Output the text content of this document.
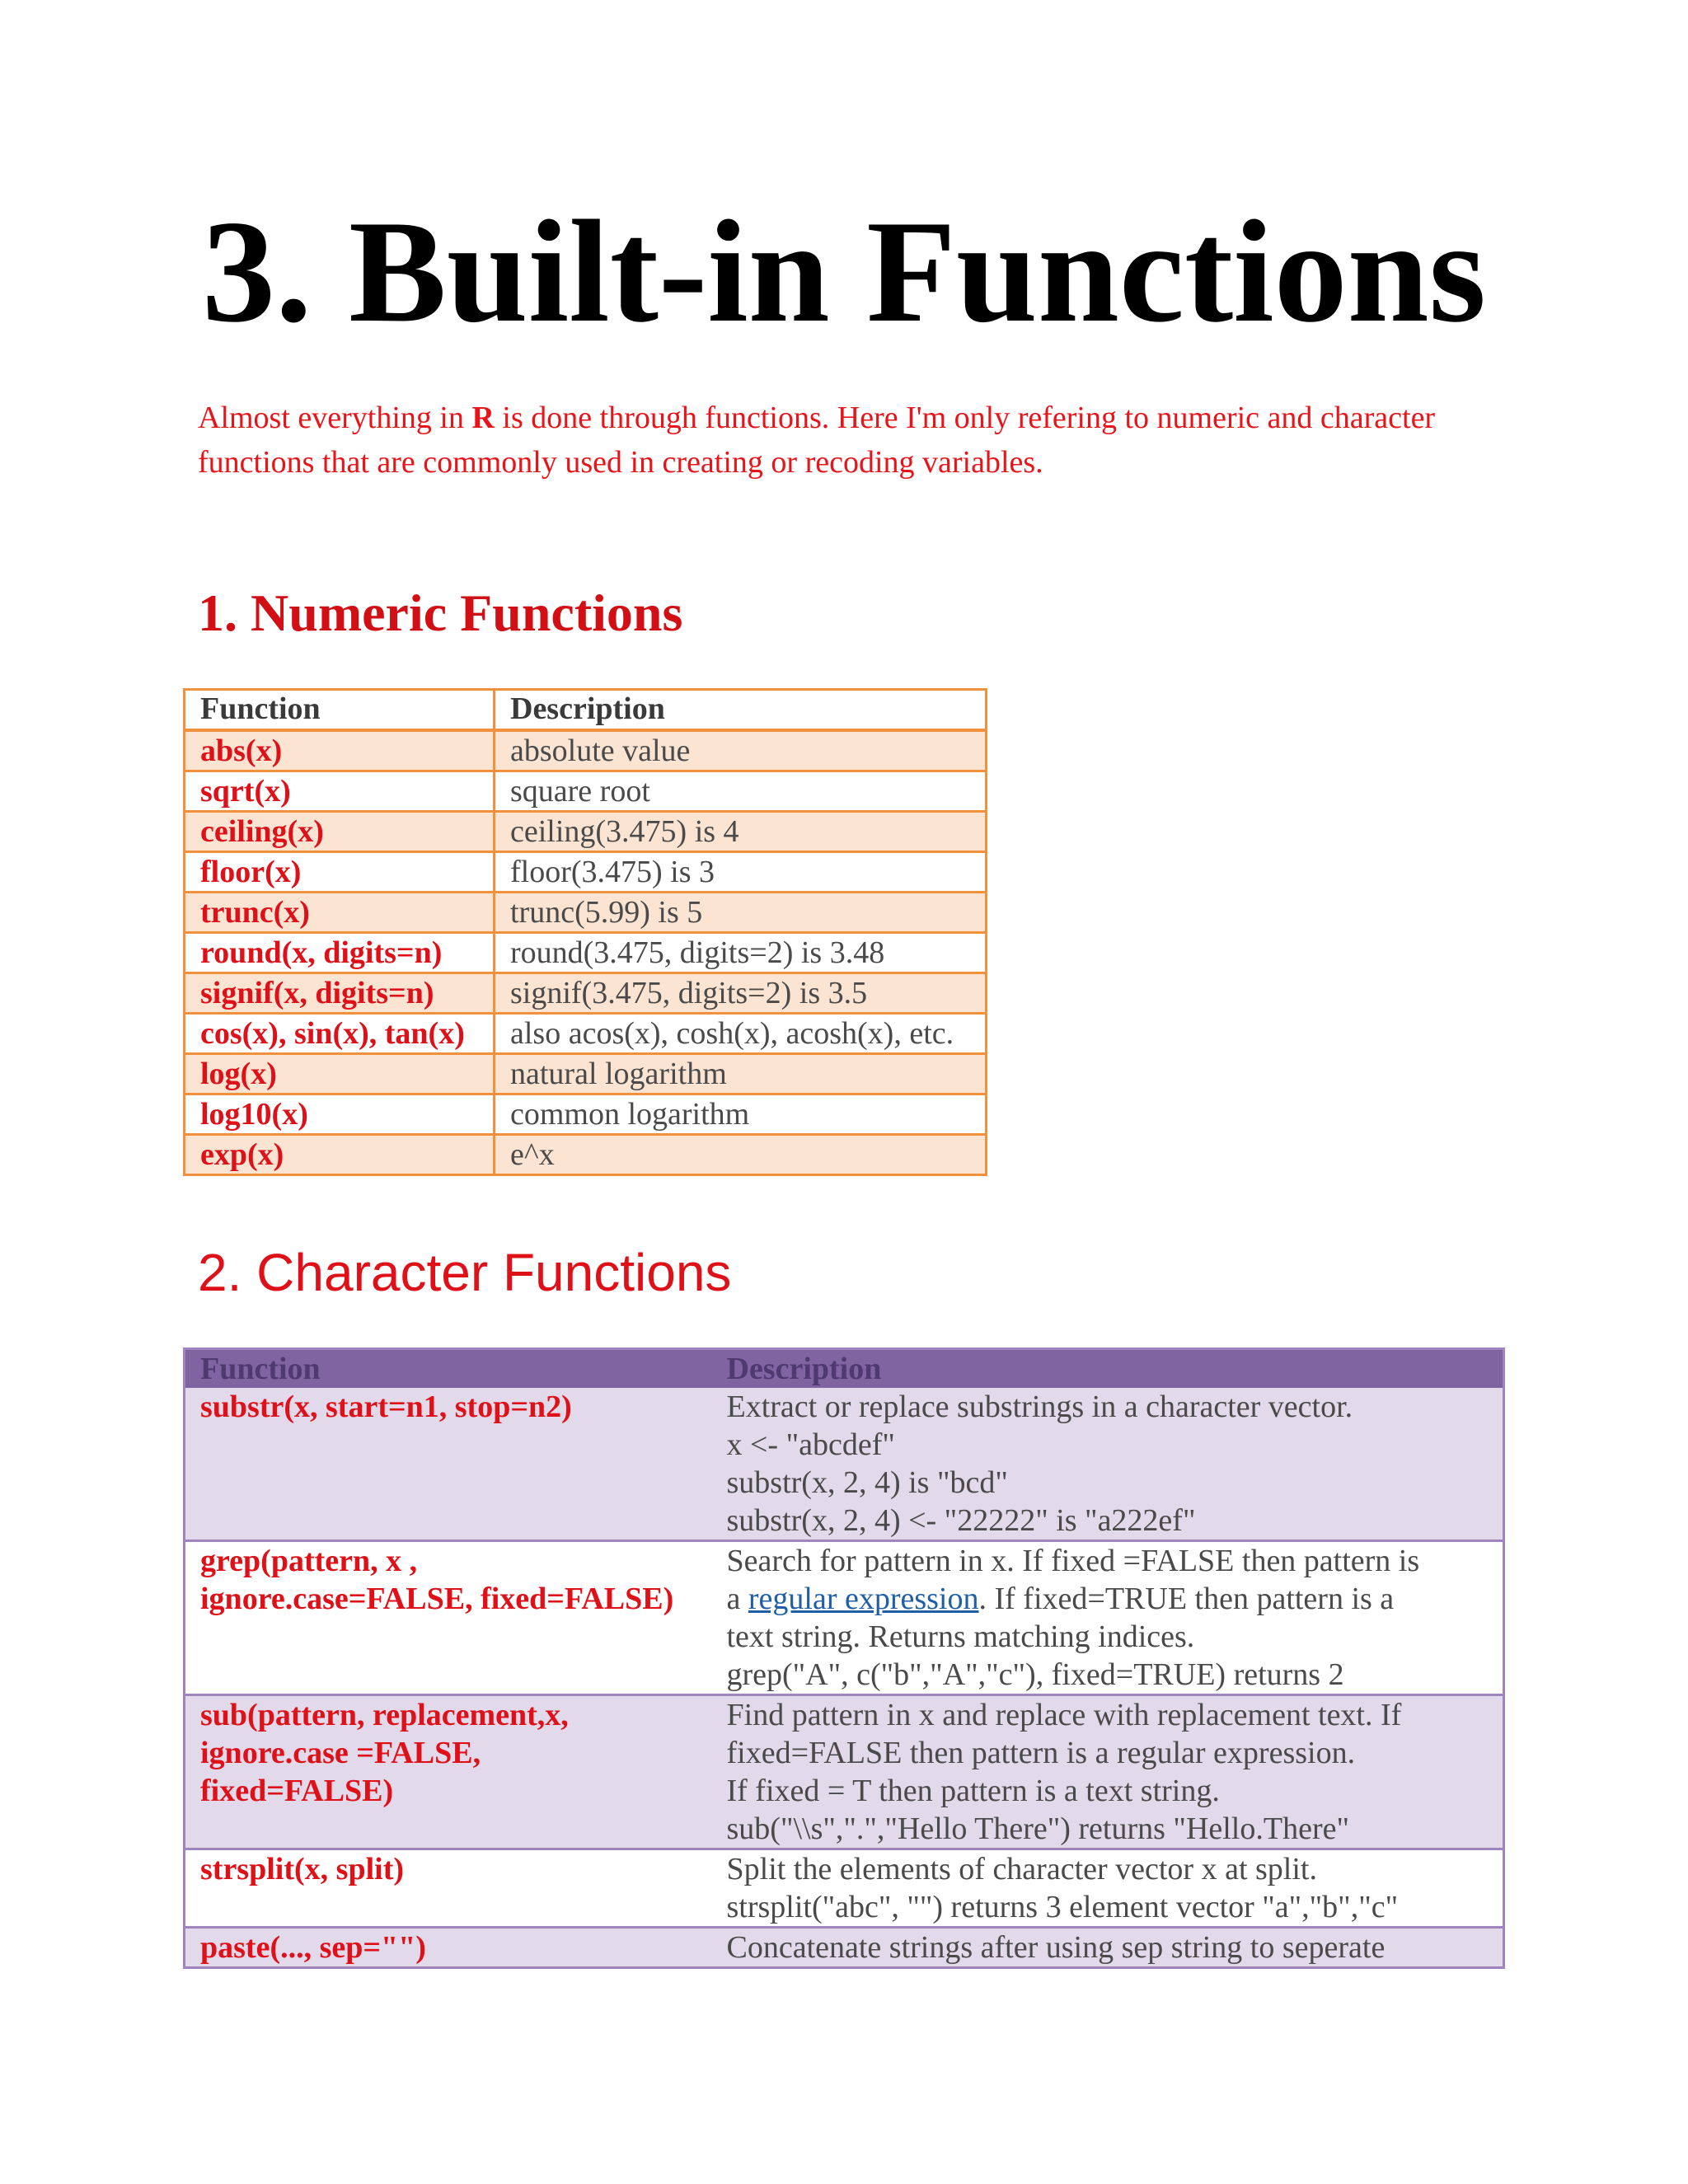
3. Built-in Functions

Almost everything in R is done through functions. Here I'm only refering to numeric and character functions that are commonly used in creating or recoding variables.

1. Numeric Functions
Function	Description
abs(x)	absolute value
sqrt(x)	square root
ceiling(x)	ceiling(3.475) is 4
floor(x)	floor(3.475) is 3
trunc(x)	trunc(5.99) is 5
round(x, digits=n)	round(3.475, digits=2) is 3.48
signif(x, digits=n)	signif(3.475, digits=2) is 3.5
cos(x), sin(x), tan(x)	also acos(x), cosh(x), acosh(x), etc.
log(x)	natural logarithm
log10(x)	common logarithm
exp(x)	e^x
2. Character Functions
Function	Description

substr(x, start=n1, stop=n2)	Extract or replace substrings in a character vector.
x <- "abcdef"
substr(x, 2, 4) is "bcd"
substr(x, 2, 4) <- "22222" is "a222ef"

grep(pattern, x ,
ignore.case=FALSE, fixed=FALSE)	Search for pattern in x. If fixed =FALSE then pattern is
a regular expression. If fixed=TRUE then pattern is a
text string. Returns matching indices.
grep("A", c("b","A","c"), fixed=TRUE) returns 2

sub(pattern, replacement,x,
ignore.case =FALSE,
fixed=FALSE)	Find pattern in x and replace with replacement text. If
fixed=FALSE then pattern is a regular expression.
If fixed = T then pattern is a text string.
sub("\\s",".","Hello There") returns "Hello.There"

strsplit(x, split)	Split the elements of character vector x at split.
strsplit("abc", "") returns 3 element vector "a","b","c"

paste(..., sep="")	Concatenate strings after using sep string to seperate
